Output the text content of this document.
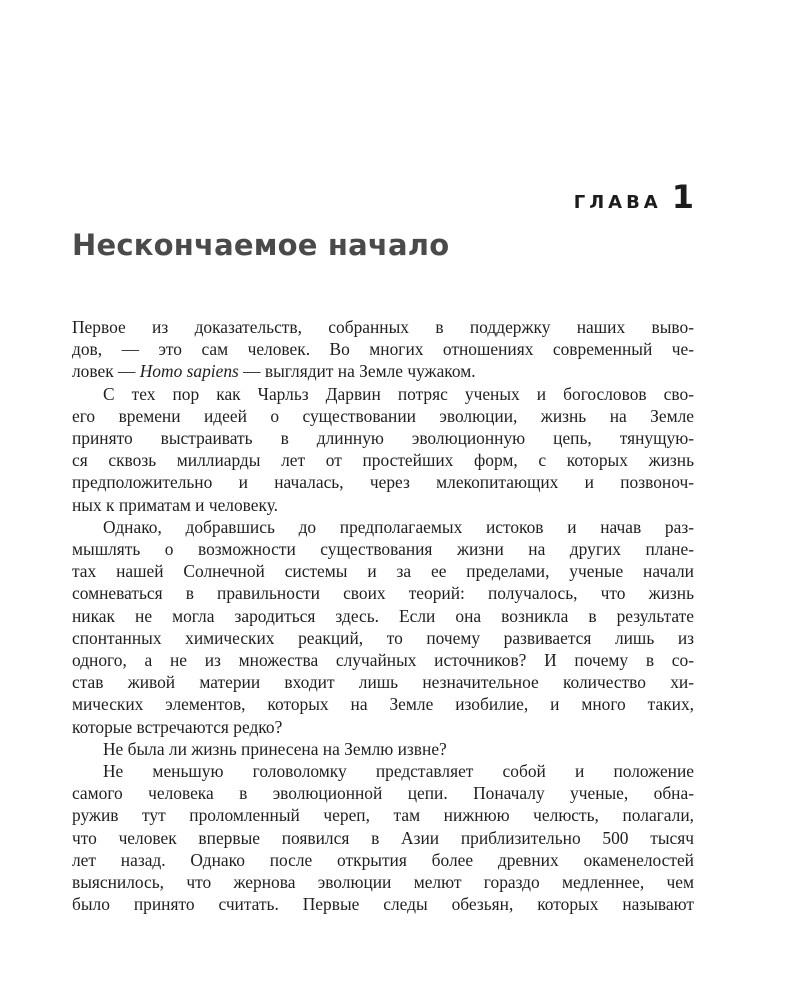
ГЛАВА 1
Нескончаемое начало
Первое из доказательств, собранных в поддержку наших выво-
дов, — это сам человек. Во многих отношениях современный че-
ловек — Homo sapiens — выглядит на Земле чужаком.
С тех пор как Чарльз Дарвин потряс ученых и богословов сво-
его времени идеей о существовании эволюции, жизнь на Земле
принято выстраивать в длинную эволюционную цепь, тянущую-
ся сквозь миллиарды лет от простейших форм, с которых жизнь
предположительно и началась, через млекопитающих и позвоноч-
ных к приматам и человеку.
Однако, добравшись до предполагаемых истоков и начав раз-
мышлять о возможности существования жизни на других плане-
тах нашей Солнечной системы и за ее пределами, ученые начали
сомневаться в правильности своих теорий: получалось, что жизнь
никак не могла зародиться здесь. Если она возникла в результате
спонтанных химических реакций, то почему развивается лишь из
одного, а не из множества случайных источников? И почему в со-
став живой материи входит лишь незначительное количество хи-
мических элементов, которых на Земле изобилие, и много таких,
которые встречаются редко?
Не была ли жизнь принесена на Землю извне?
Не меньшую головоломку представляет собой и положение
самого человека в эволюционной цепи. Поначалу ученые, обна-
ружив тут проломленный череп, там нижнюю челюсть, полагали,
что человек впервые появился в Азии приблизительно 500 тысяч
лет назад. Однако после открытия более древних окаменелостей
выяснилось, что жернова эволюции мелют гораздо медленнее, чем
было принято считать. Первые следы обезьян, которых называют
